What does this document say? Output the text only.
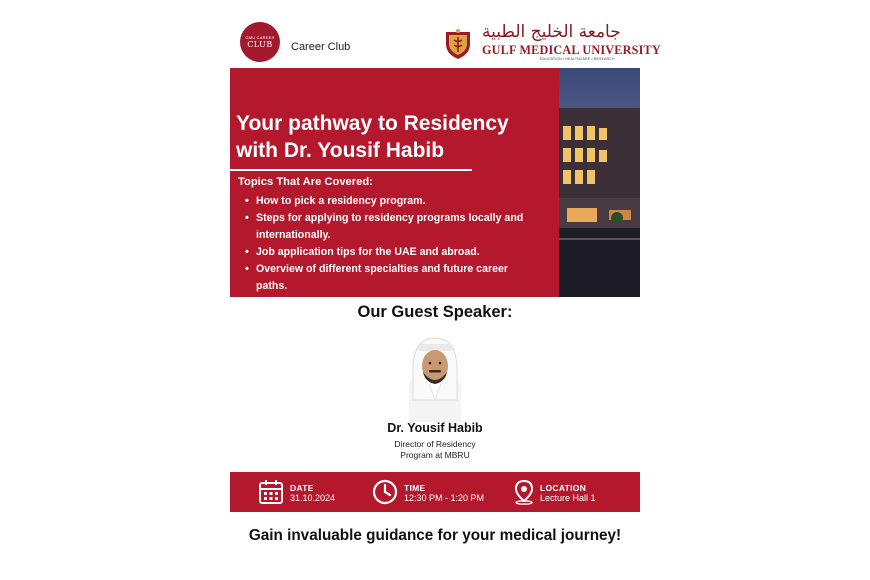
GMU CAREER
CLUB Career Club
جامعة الخليج الطبية
GULF MEDICAL UNIVERSITY
EDUCATION • HEALTHCARE • RESEARCH
Your pathway to Residency
with Dr. Yousif Habib
Topics That Are Covered:
• How to pick a residency program.
• Steps for applying to residency programs locally and
internationally.
• Job application tips for the UAE and abroad.
• Overview of different specialties and future career
paths.
Our Guest Speaker:
Dr. Yousif Habib
Director of Residency
Program at MBRU
DATE
31.10.2024
TIME
12:30 PM - 1:20 PM
LOCATION
Lecture Hall 1
Gain invaluable guidance for your medical journey!
